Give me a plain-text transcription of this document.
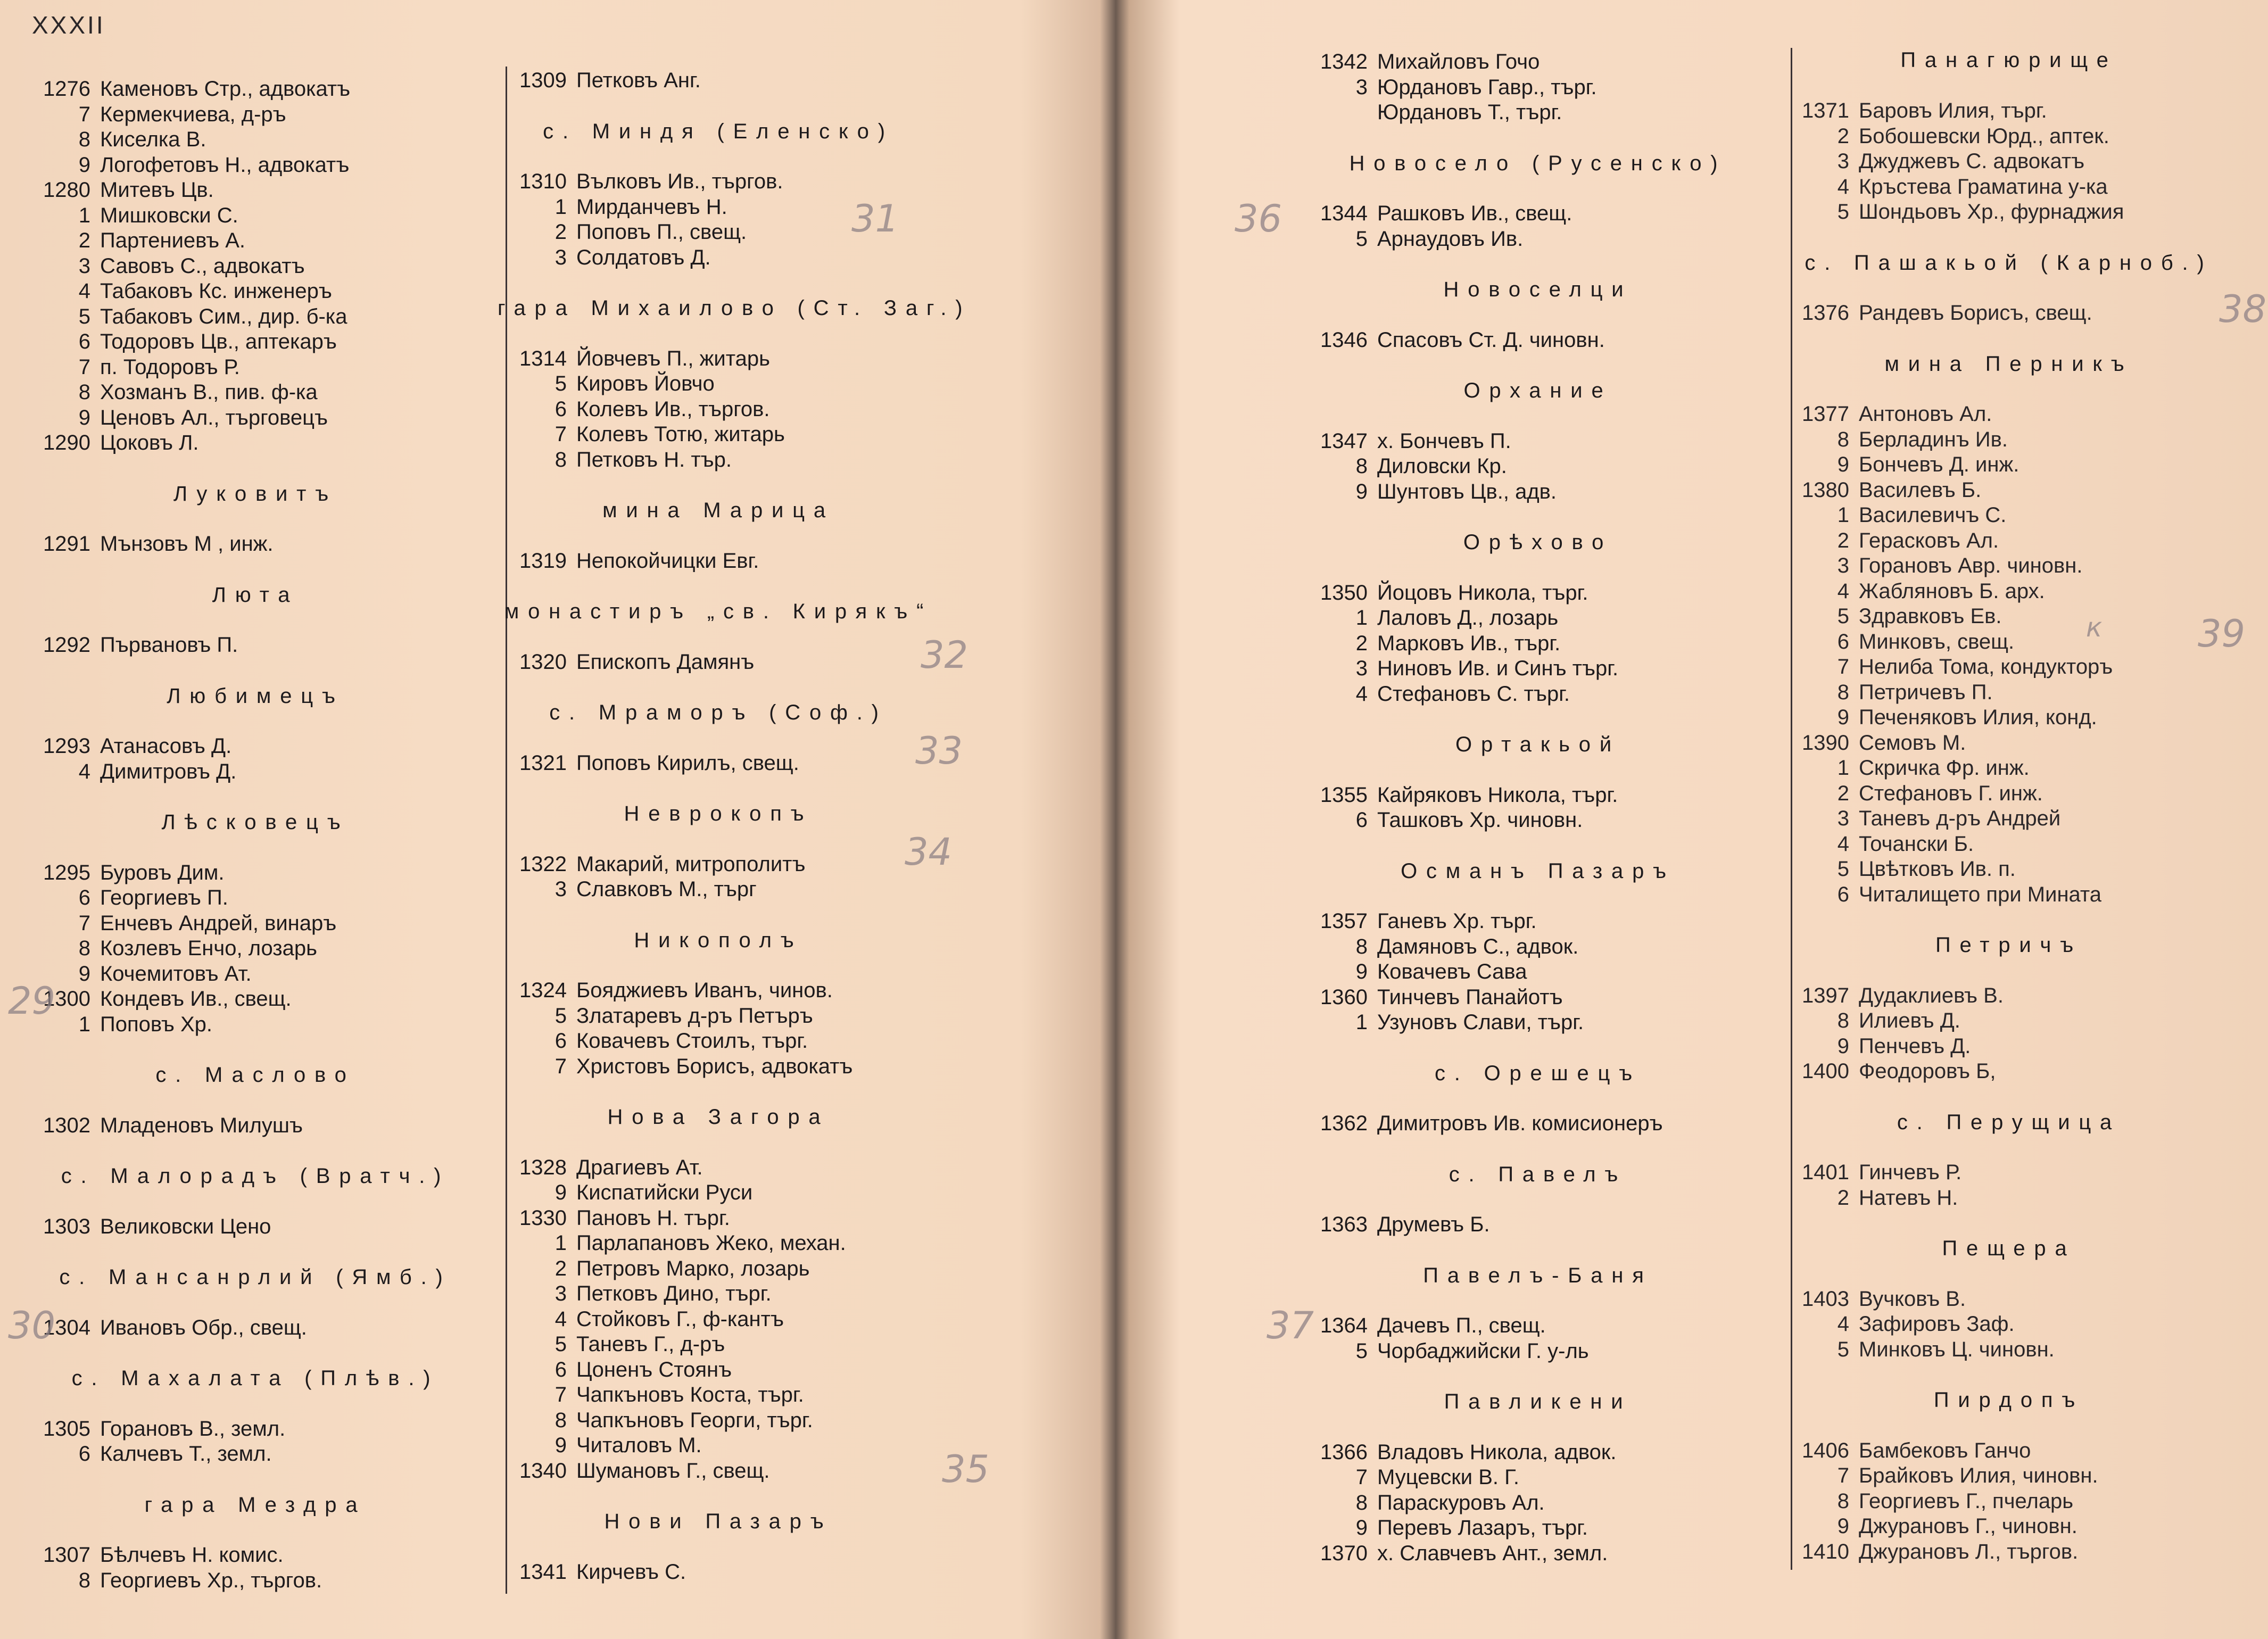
XXXII
1276 Каменовъ Стр., адвокатъ
7 Кермекчиева, д-ръ
8 Киселка В.
9 Логофетовъ Н., адвокатъ
1280 Митевъ Цв.
1 Мишковски С.
2 Партениевъ А.
3 Савовъ С., адвокатъ
4 Табаковъ Кс. инженеръ
5 Табаковъ Сим., дир. б-ка
6 Тодоровъ Цв., аптекаръ
7 п. Тодоровъ Р.
8 Хозманъ В., пив. ф-ка
9 Ценовъ Ал., търговецъ
1290 Цоковъ Л.
Луковитъ
1291 Мънзовъ М , инж.
Люта
1292 Първановъ П.
Любимецъ
1293 Атанасовъ Д.
4 Димитровъ Д.
Лѣсковецъ
1295 Буровъ Дим.
6 Георгиевъ П.
7 Енчевъ Андрей, винаръ
8 Козлевъ Енчо, лозарь
9 Кочемитовъ Ат.
1300 Кондевъ Ив., свещ.
1 Поповъ Хр.
с. Маслово
1302 Младеновъ Милушъ
с. Малорадъ (Вратч.)
1303 Великовски Цено
с. Мансанрлий (Ямб.)
1304 Ивановъ Обр., свещ.
с. Махалата (Плѣв.)
1305 Горановъ В., земл.
6 Калчевъ Т., земл.
гара Мездра
1307 Бѣлчевъ Н. комис.
8 Георгиевъ Хр., търгов.
1309 Петковъ Анг.
с. Миндя (Еленско)
1310 Вълковъ Ив., търгов.
1 Мирданчевъ Н.
2 Поповъ П., свещ.
3 Солдатовъ Д.
гара Михаилово (Ст. Заг.)
1314 Йовчевъ П., житарь
5 Кировъ Йовчо
6 Колевъ Ив., търгов.
7 Колевъ Тотю, житарь
8 Петковъ Н. тър.
мина Марица
1319 Непокойчицки Евг.
монастиръ „св. Кирякъ“
1320 Епископъ Дамянъ
с. Мраморъ (Соф.)
1321 Поповъ Кирилъ, свещ.
Неврокопъ
1322 Макарий, митрополитъ
3 Славковъ М., търг
Никополъ
1324 Бояджиевъ Иванъ, чинов.
5 Златаревъ д-ръ Петъръ
6 Ковачевъ Стоилъ, търг.
7 Христовъ Борисъ, адвокатъ
Нова Загора
1328 Драгиевъ Ат.
9 Киспатийски Руси
1330 Пановъ Н. търг.
1 Парлапановъ Жеко, механ.
2 Петровъ Марко, лозарь
3 Петковъ Дино, търг.
4 Стойковъ Г., ф-кантъ
5 Таневъ Г., д-ръ
6 Цоненъ Стоянъ
7 Чапкъновъ Коста, търг.
8 Чапкъновъ Георги, търг.
9 Читаловъ М.
1340 Шумановъ Г., свещ.
Нови Пазаръ
1341 Кирчевъ С.
1342 Михайловъ Гочо
3 Юрдановъ Гавр., търг.
Юрдановъ Т., търг.
Новосело (Русенско)
1344 Рашковъ Ив., свещ.
5 Арнаудовъ Ив.
Новоселци
1346 Спасовъ Ст. Д. чиновн.
Орхание
1347 х. Бончевъ П.
8 Диловски Кр.
9 Шунтовъ Цв., адв.
Орѣхово
1350 Йоцовъ Никола, търг.
1 Лаловъ Д., лозарь
2 Марковъ Ив., търг.
3 Ниновъ Ив. и Синъ търг.
4 Стефановъ С. търг.
Ортакьой
1355 Кайряковъ Никола, търг.
6 Ташковъ Хр. чиновн.
Османъ Пазаръ
1357 Ганевъ Хр. търг.
8 Дамяновъ С., адвок.
9 Ковачевъ Сава
1360 Тинчевъ Панайотъ
1 Узуновъ Слави, търг.
с. Орешецъ
1362 Димитровъ Ив. комисионеръ
с. Павелъ
1363 Друмевъ Б.
Павелъ-Баня
1364 Дачевъ П., свещ.
5 Чорбаджийски Г. у-ль
Павликени
1366 Владовъ Никола, адвок.
7 Муцевски В. Г.
8 Параскуровъ Ал.
9 Перевъ Лазаръ, търг.
1370 х. Славчевъ Ант., земл.
Панагюрище
1371 Баровъ Илия, търг.
2 Бобошевски Юрд., аптек.
3 Джуджевъ С. адвокатъ
4 Кръстева Граматина у-ка
5 Шондьовъ Хр., фурнаджия
с. Пашакьой (Карноб.)
1376 Рандевъ Борисъ, свещ.
мина Перникъ
1377 Антоновъ Ал.
8 Берладинъ Ив.
9 Бончевъ Д. инж.
1380 Василевъ Б.
1 Василевичъ С.
2 Герасковъ Ал.
3 Горановъ Авр. чиновн.
4 Жабляновъ Б. арх.
5 Здравковъ Ев.
6 Минковъ, свещ.
7 Нелиба Тома, кондукторъ
8 Петричевъ П.
9 Печеняковъ Илия, конд.
1390 Семовъ М.
1 Скричка Фр. инж.
2 Стефановъ Г. инж.
3 Таневъ д-ръ Андрей
4 Точански Б.
5 Цвѣтковъ Ив. п.
6 Читалището при Мината
Петричъ
1397 Дудаклиевъ В.
8 Илиевъ Д.
9 Пенчевъ Д.
1400 Феодоровъ Б,
с. Перущица
1401 Гинчевъ Р.
2 Натевъ Н.
Пещера
1403 Вучковъ В.
4 Зафировъ Заф.
5 Минковъ Ц. чиновн.
Пирдопъ
1406 Бамбековъ Ганчо
7 Брайковъ Илия, чиновн.
8 Георгиевъ Г., пчеларь
9 Джурановъ Г., чиновн.
1410 Джурановъ Л., търгов.
29
30
31
32
33
34
35
36
37
38
39
к
